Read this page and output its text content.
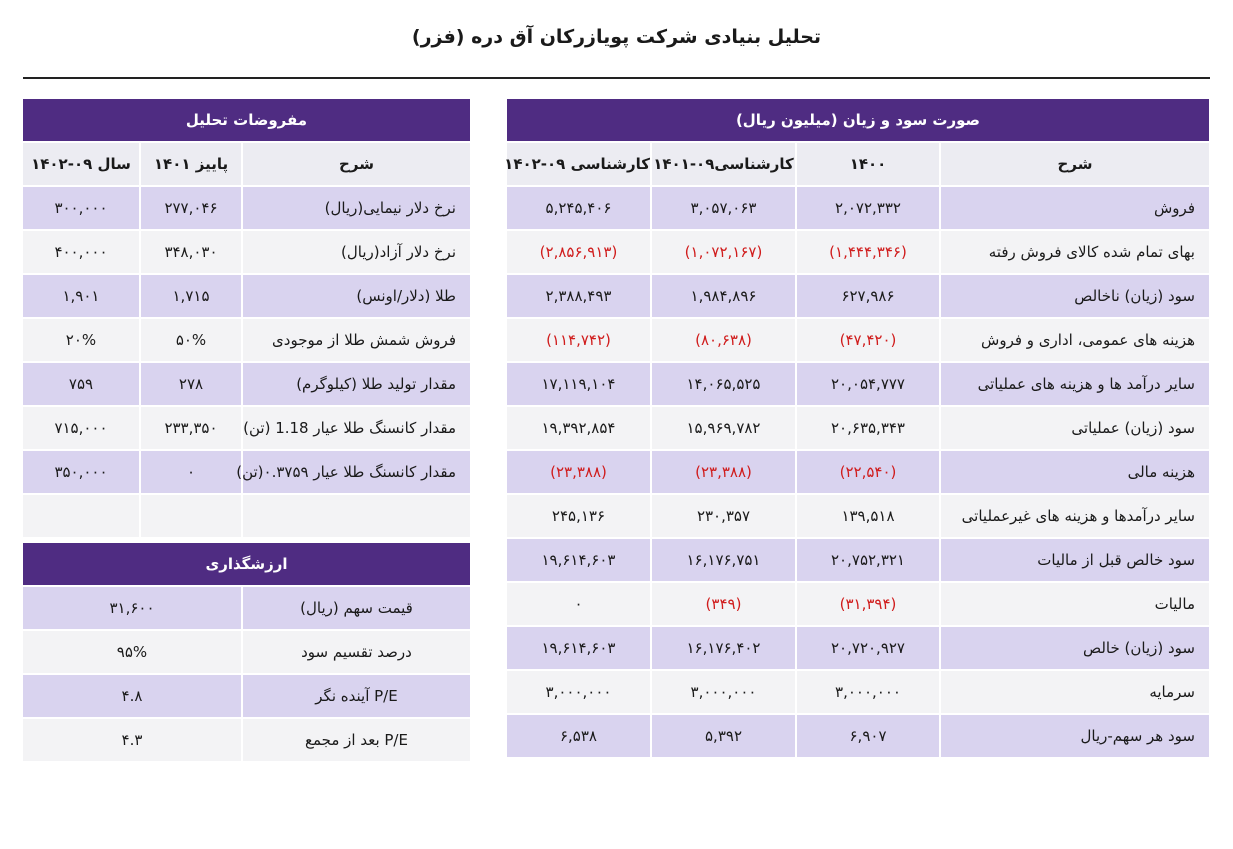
تحلیل بنیادی شرکت پویازرکان آق دره (فزر)
صورت سود و زیان (میلیون ریال)			
شرح	۱۴۰۰	کارشناسی۰۹-۱۴۰۱	کارشناسی ۰۹-۱۴۰۲
فروش	۲,۰۷۲,۳۳۲	۳,۰۵۷,۰۶۳	۵,۲۴۵,۴۰۶
بهای تمام شده کالای فروش رفته	(۱,۴۴۴,۳۴۶)	(۱,۰۷۲,۱۶۷)	(۲,۸۵۶,۹۱۳)
سود (زیان) ناخالص	۶۲۷,۹۸۶	۱,۹۸۴,۸۹۶	۲,۳۸۸,۴۹۳
هزینه های عمومی، اداری و فروش	(۴۷,۴۲۰)	(۸۰,۶۳۸)	(۱۱۴,۷۴۲)
سایر درآمد ها و هزینه های عملیاتی	۲۰,۰۵۴,۷۷۷	۱۴,۰۶۵,۵۲۵	۱۷,۱۱۹,۱۰۴
سود (زیان) عملیاتی	۲۰,۶۳۵,۳۴۳	۱۵,۹۶۹,۷۸۲	۱۹,۳۹۲,۸۵۴
هزینه مالی	(۲۲,۵۴۰)	(۲۳,۳۸۸)	(۲۳,۳۸۸)
سایر درآمدها و هزینه های غیرعملیاتی	۱۳۹,۵۱۸	۲۳۰,۳۵۷	۲۴۵,۱۳۶
سود خالص قبل از مالیات	۲۰,۷۵۲,۳۲۱	۱۶,۱۷۶,۷۵۱	۱۹,۶۱۴,۶۰۳
مالیات	(۳۱,۳۹۴)	(۳۴۹)	۰
سود (زیان) خالص	۲۰,۷۲۰,۹۲۷	۱۶,۱۷۶,۴۰۲	۱۹,۶۱۴,۶۰۳
سرمایه	۳,۰۰۰,۰۰۰	۳,۰۰۰,۰۰۰	۳,۰۰۰,۰۰۰
سود هر سهم-ریال	۶,۹۰۷	۵,۳۹۲	۶,۵۳۸
مفروضات تحلیل		
شرح	پاییز ۱۴۰۱	سال ۰۹-۱۴۰۲
نرخ دلار نیمایی(ریال)	۲۷۷,۰۴۶	۳۰۰,۰۰۰
نرخ دلار آزاد(ریال)	۳۴۸,۰۳۰	۴۰۰,۰۰۰
طلا (دلار/اونس)	۱,۷۱۵	۱,۹۰۱
فروش شمش طلا از موجودی	۵۰%	۲۰%
مقدار تولید طلا (کیلوگرم)	۲۷۸	۷۵۹
مقدار کانسنگ طلا عیار 1.18 (تن)	۲۳۳,۳۵۰	۷۱۵,۰۰۰
مقدار کانسنگ طلا عیار ۰.۳۷۵۹(تن)	۰	۳۵۰,۰۰۰

ارزشگذاری	
قیمت سهم (ریال)	۳۱,۶۰۰
درصد تقسیم سود	۹۵%
P/E آینده نگر	۴.۸
P/E بعد از مجمع	۴.۳
